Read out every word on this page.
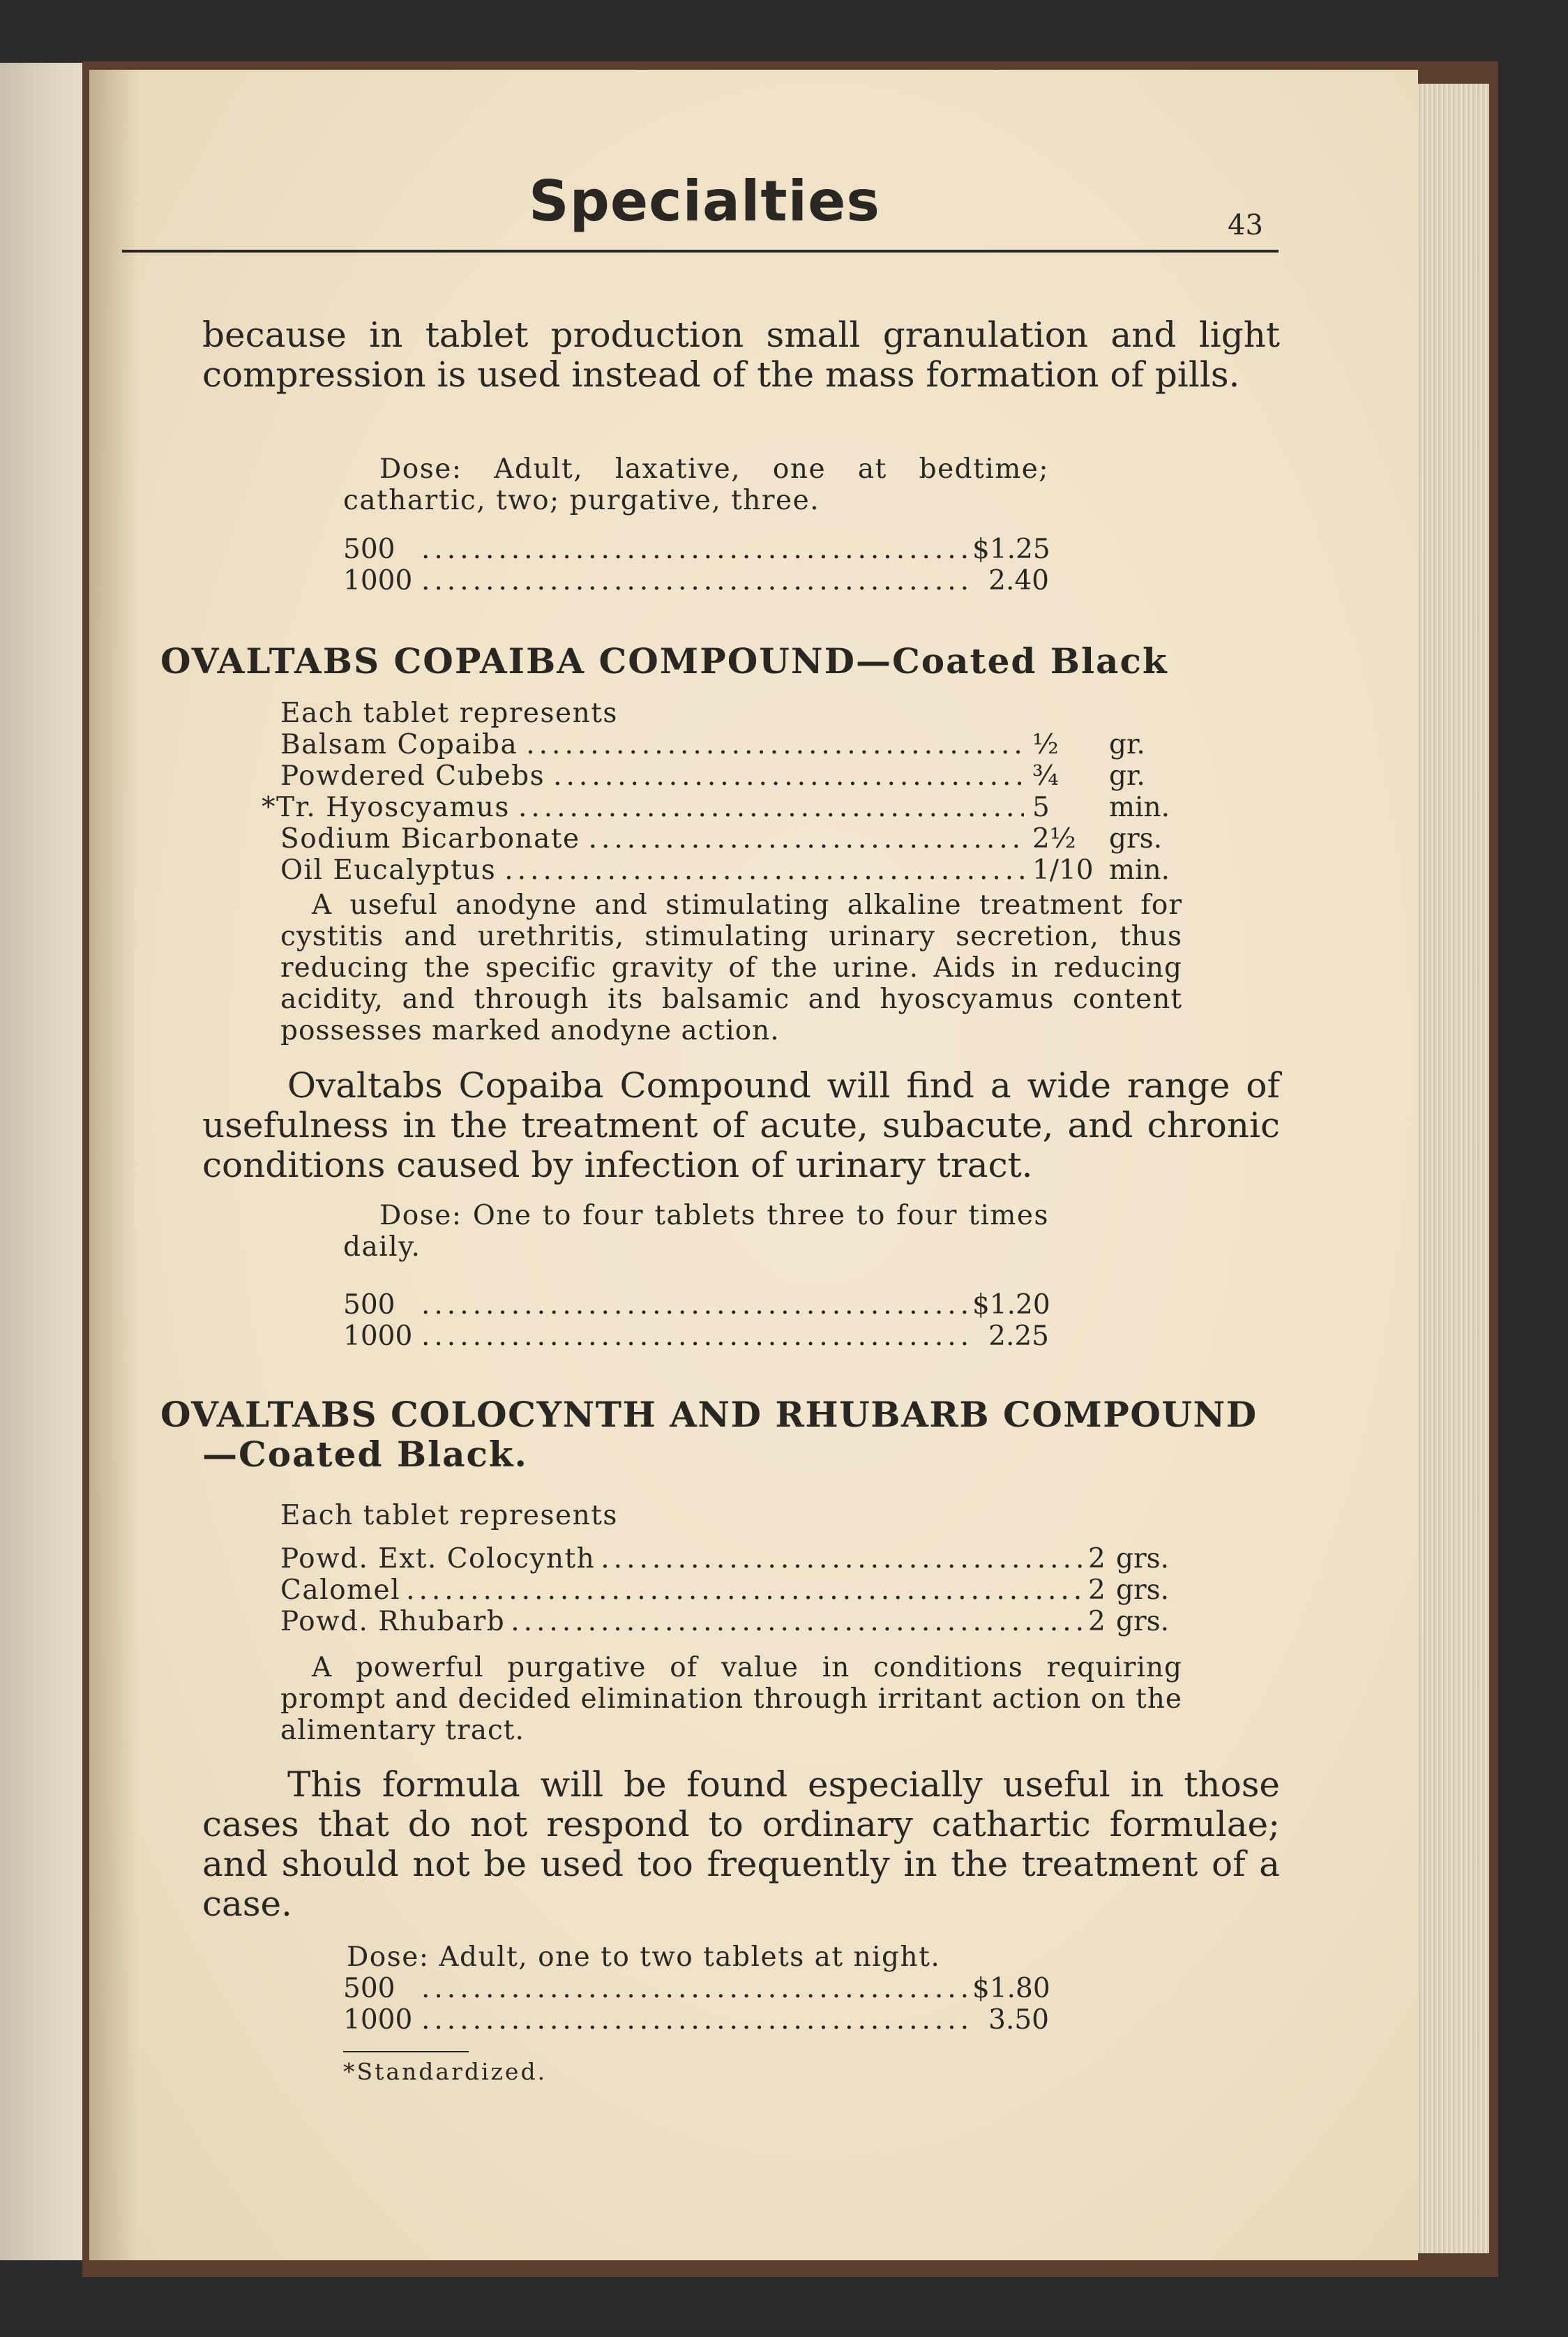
Specialties	43
because in tablet production small granulation and light compression is used instead of the mass formation of pills.
Dose: Adult, laxative, one at bedtime; cathartic, two; purgative, three.
500 .....	$1.25
1000 .....	2.40
OVALTABS COPAIBA COMPOUND—Coated Black
Each tablet represents
Balsam Copaiba .....	½	gr.
Powdered Cubebs .....	¾	gr.
*Tr. Hyoscyamus .....	5	min.
Sodium Bicarbonate .....	2½	grs.
Oil Eucalyptus .....	1/10 min.
A useful anodyne and stimulating alkaline treatment for cystitis and urethritis, stimulating urinary secretion, thus reducing the specific gravity of the urine. Aids in reducing acidity, and through its balsamic and hyoscyamus content possesses marked anodyne action.
Ovaltabs Copaiba Compound will find a wide range of usefulness in the treatment of acute, subacute, and chronic conditions caused by infection of urinary tract.
Dose: One to four tablets three to four times daily.
500 .....	$1.20
1000 .....	2.25
OVALTABS COLOCYNTH AND RHUBARB COMPOUND
—Coated Black.
Each tablet represents
Powd. Ext. Colocynth .....	2 grs.
Calomel .....	2 grs.
Powd. Rhubarb .....	2 grs.
A powerful purgative of value in conditions requiring prompt and decided elimination through irritant action on the alimentary tract.
This formula will be found especially useful in those cases that do not respond to ordinary cathartic formulae; and should not be used too frequently in the treatment of a case.
Dose: Adult, one to two tablets at night.
500 .....	$1.80
1000 .....	3.50
*Standardized.
